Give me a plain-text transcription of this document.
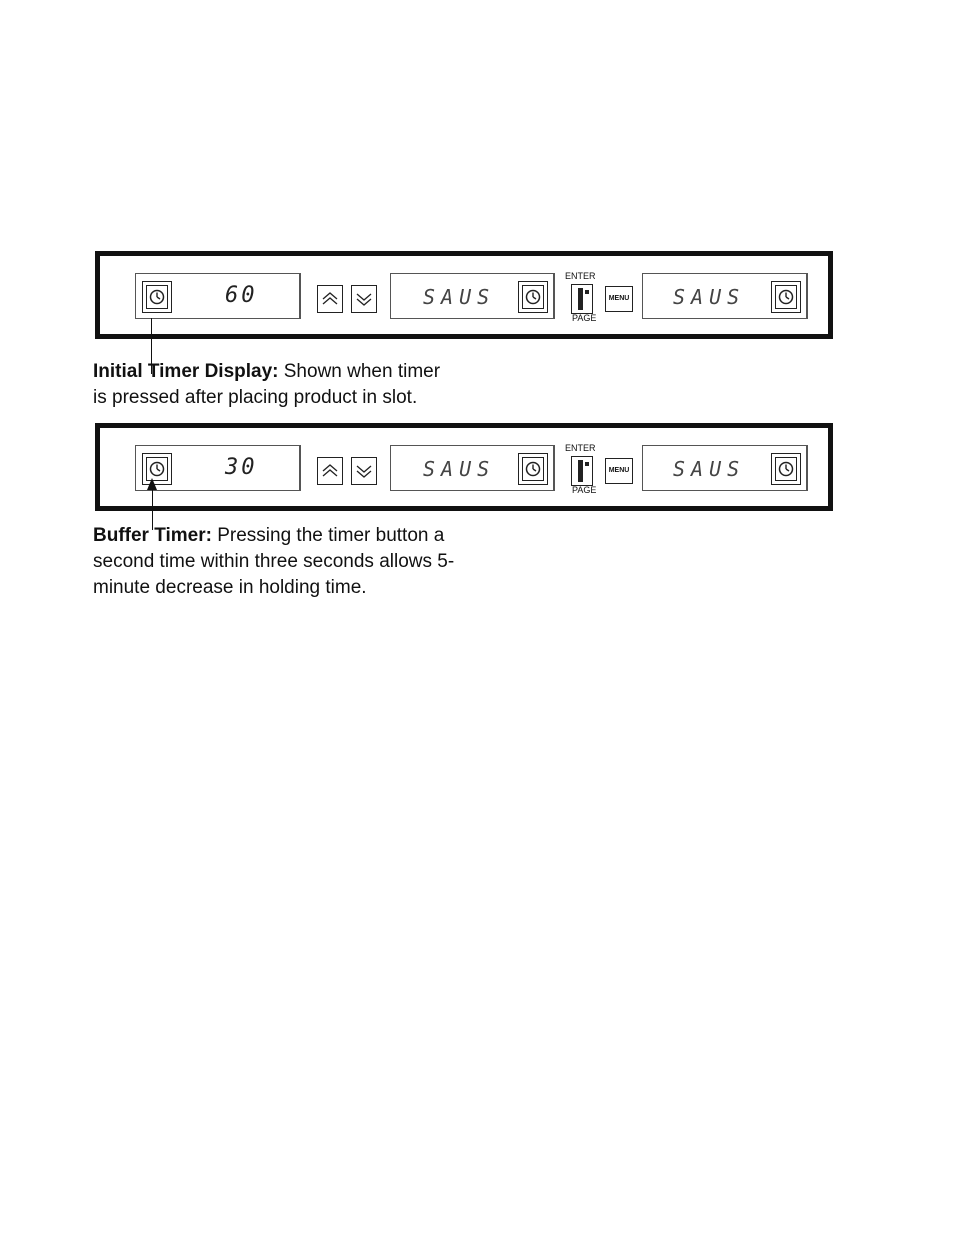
60	SAUS
ENTER
PAGE
MENU SAUS
Initial Timer Display: Shown when timer
is pressed after placing product in slot.
30	SAUS
ENTER
PAGE
MENU SAUS
Buffer Timer: Pressing the timer button a
second time within three seconds allows 5-
minute decrease in holding time.
